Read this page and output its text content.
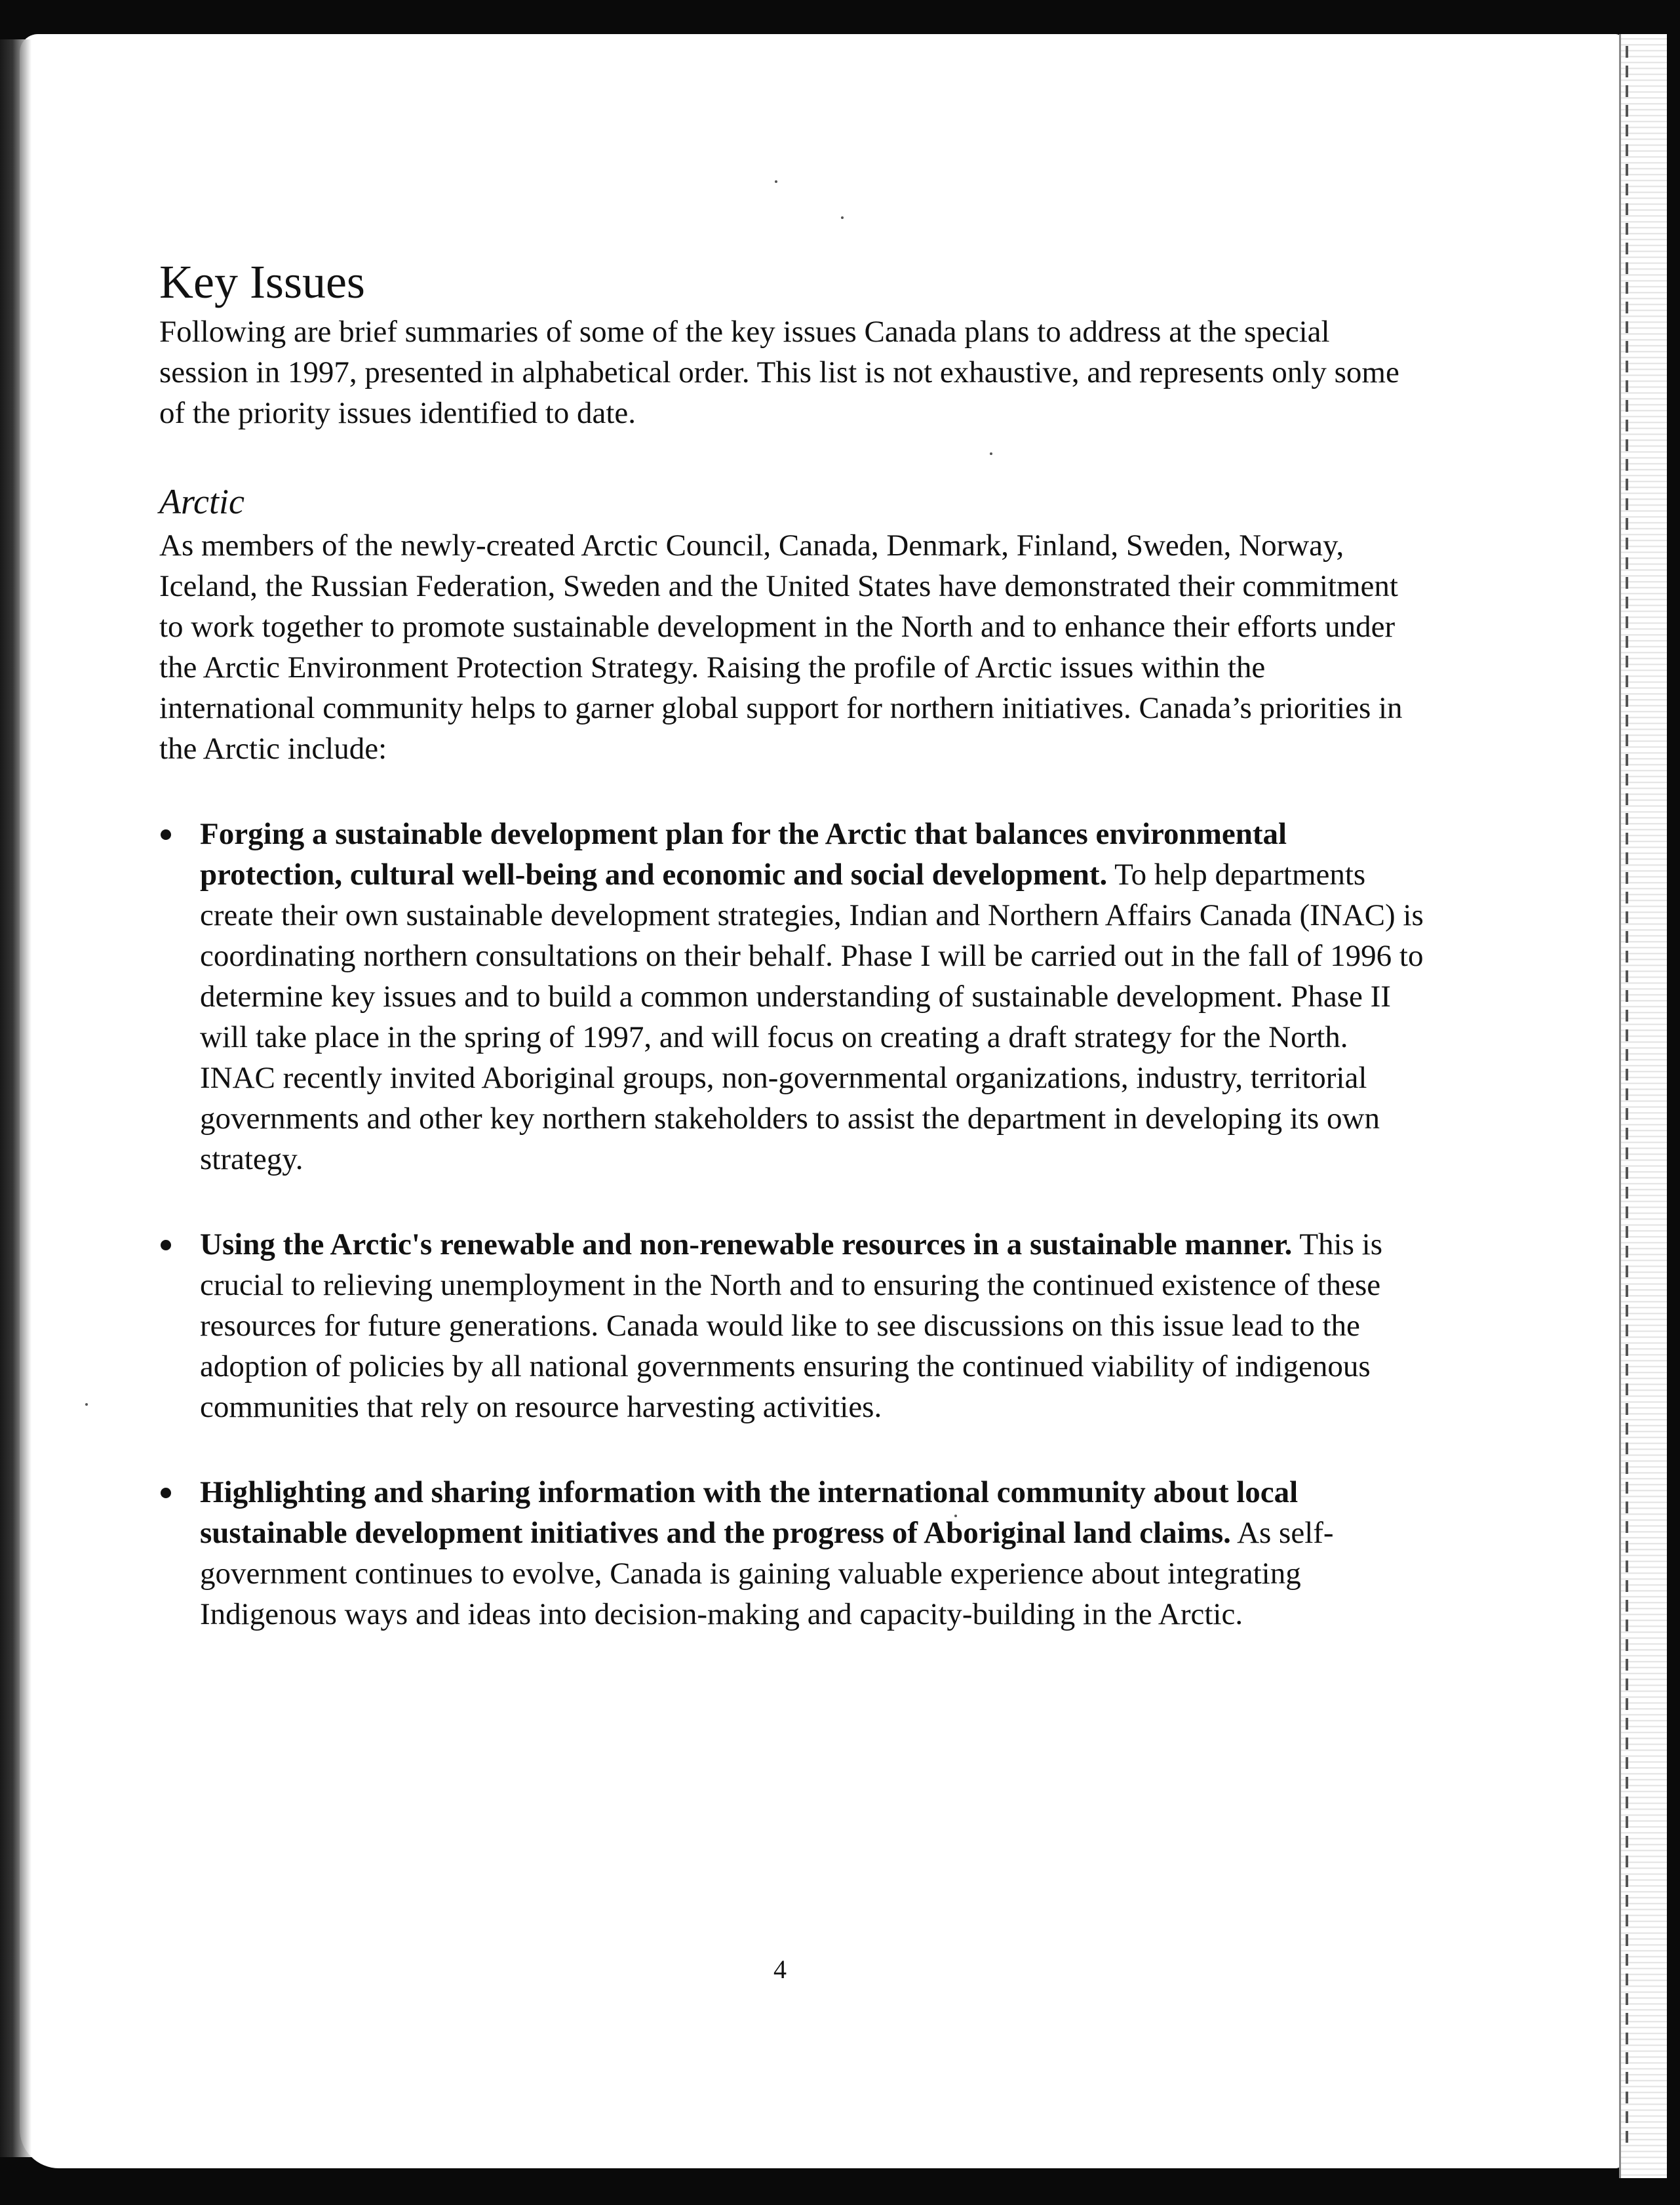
Key Issues

Following are brief summaries of some of the key issues Canada plans to address at the special session in 1997, presented in alphabetical order. This list is not exhaustive, and represents only some of the priority issues identified to date.

Arctic

As members of the newly-created Arctic Council, Canada, Denmark, Finland, Sweden, Norway, Iceland, the Russian Federation, Sweden and the United States have demonstrated their commitment to work together to promote sustainable development in the North and to enhance their efforts under the Arctic Environment Protection Strategy. Raising the profile of Arctic issues within the international community helps to garner global support for northern initiatives. Canada’s priorities in the Arctic include:

Forging a sustainable development plan for the Arctic that balances environmental protection, cultural well-being and economic and social development. To help departments create their own sustainable development strategies, Indian and Northern Affairs Canada (INAC) is coordinating northern consultations on their behalf. Phase I will be carried out in the fall of 1996 to determine key issues and to build a common understanding of sustainable development. Phase II will take place in the spring of 1997, and will focus on creating a draft strategy for the North. INAC recently invited Aboriginal groups, non-governmental organizations, industry, territorial governments and other key northern stakeholders to assist the department in developing its own strategy.
Using the Arctic's renewable and non-renewable resources in a sustainable manner. This is crucial to relieving unemployment in the North and to ensuring the continued existence of these resources for future generations. Canada would like to see discussions on this issue lead to the adoption of policies by all national governments ensuring the continued viability of indigenous communities that rely on resource harvesting activities.
Highlighting and sharing information with the international community about local sustainable development initiatives and the progress of Aboriginal land claims. As self-government continues to evolve, Canada is gaining valuable experience about integrating Indigenous ways and ideas into decision-making and capacity-building in the Arctic.
4
